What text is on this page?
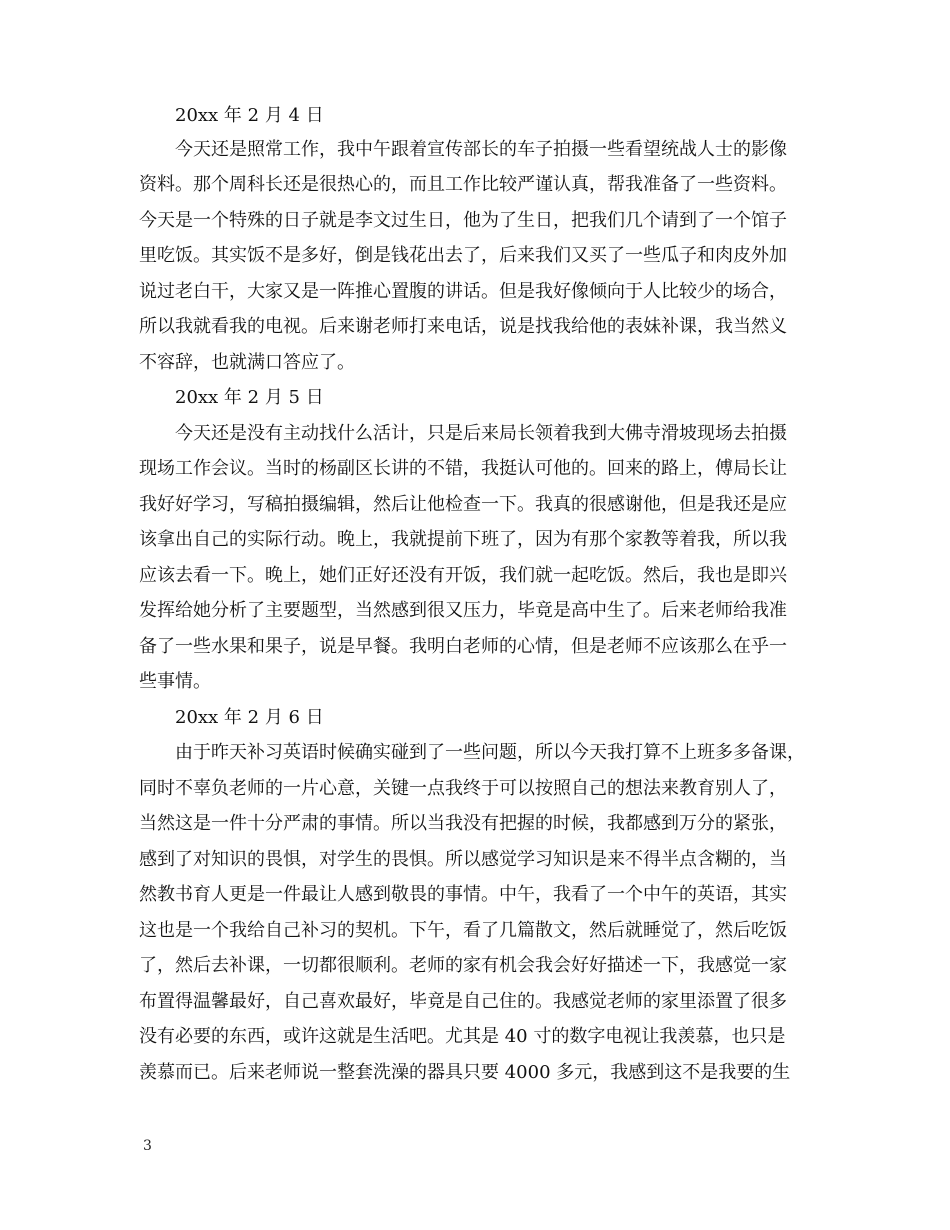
20xx 年 2 月 4 日
今天还是照常工作，我中午跟着宣传部长的车子拍摄一些看望统战人士的影像
资料。那个周科长还是很热心的，而且工作比较严谨认真，帮我准备了一些资料。
今天是一个特殊的日子就是李文过生日，他为了生日，把我们几个请到了一个馆子
里吃饭。其实饭不是多好，倒是钱花出去了，后来我们又买了一些瓜子和肉皮外加
说过老白干，大家又是一阵推心置腹的讲话。但是我好像倾向于人比较少的场合，
所以我就看我的电视。后来谢老师打来电话，说是找我给他的表妹补课，我当然义
不容辞，也就满口答应了。
20xx 年 2 月 5 日
今天还是没有主动找什么活计，只是后来局长领着我到大佛寺滑坡现场去拍摄
现场工作会议。当时的杨副区长讲的不错，我挺认可他的。回来的路上，傅局长让
我好好学习，写稿拍摄编辑，然后让他检查一下。我真的很感谢他，但是我还是应
该拿出自己的实际行动。晚上，我就提前下班了，因为有那个家教等着我，所以我
应该去看一下。晚上，她们正好还没有开饭，我们就一起吃饭。然后，我也是即兴
发挥给她分析了主要题型，当然感到很又压力，毕竟是高中生了。后来老师给我准
备了一些水果和果子，说是早餐。我明白老师的心情，但是老师不应该那么在乎一
些事情。
20xx 年 2 月 6 日
由于昨天补习英语时候确实碰到了一些问题，所以今天我打算不上班多多备课，
同时不辜负老师的一片心意，关键一点我终于可以按照自己的想法来教育别人了，
当然这是一件十分严肃的事情。所以当我没有把握的时候，我都感到万分的紧张，
感到了对知识的畏惧，对学生的畏惧。所以感觉学习知识是来不得半点含糊的，当
然教书育人更是一件最让人感到敬畏的事情。中午，我看了一个中午的英语，其实
这也是一个我给自己补习的契机。下午，看了几篇散文，然后就睡觉了，然后吃饭
了，然后去补课，一切都很顺利。老师的家有机会我会好好描述一下，我感觉一家
布置得温馨最好，自己喜欢最好，毕竟是自己住的。我感觉老师的家里添置了很多
没有必要的东西，或许这就是生活吧。尤其是 40 寸的数字电视让我羡慕，也只是
羡慕而已。后来老师说一整套洗澡的器具只要 4000 多元，我感到这不是我要的生
3
